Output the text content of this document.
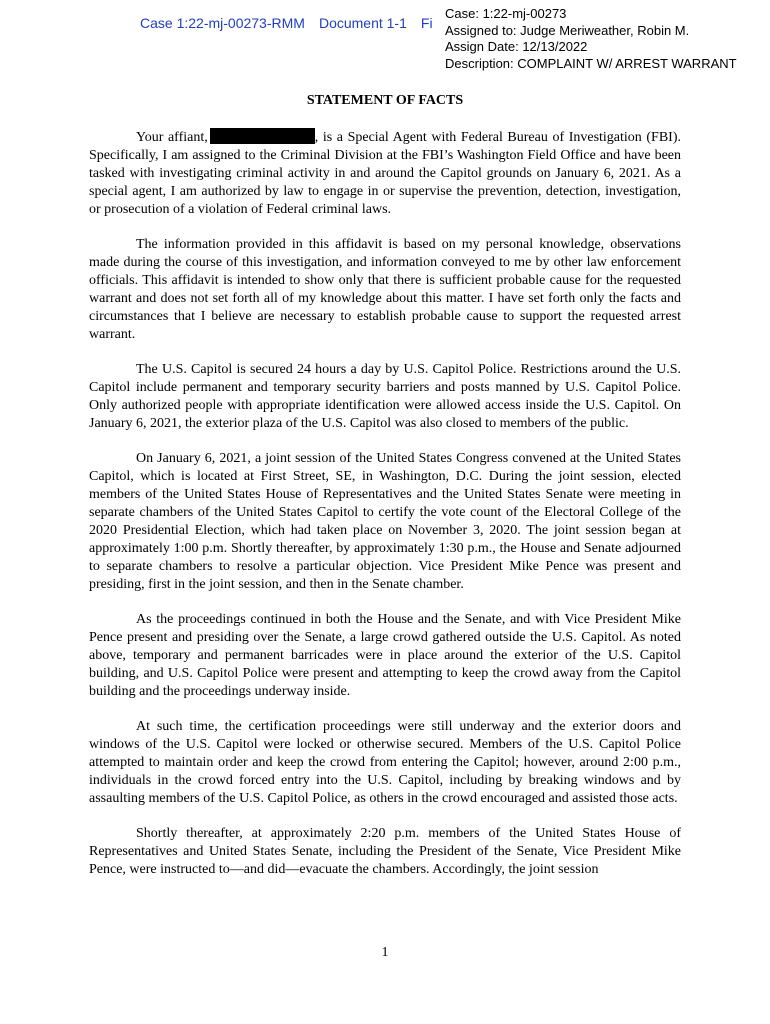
Case 1:22-mj-00273-RMM Document 1-1 Fi
Case: 1:22-mj-00273
Assigned to: Judge Meriweather, Robin M.
Assign Date: 12/13/2022
Description: COMPLAINT W/ ARREST WARRANT
STATEMENT OF FACTS

Your affiant,	, is a Special Agent with Federal Bureau of Investigation (FBI). Specifically, I am assigned to the Criminal Division at the FBI’s Washington Field Office and have been tasked with investigating criminal activity in and around the Capitol grounds on January 6, 2021. As a special agent, I am authorized by law to engage in or supervise the prevention, detection, investigation, or prosecution of a violation of Federal criminal laws.

The information provided in this affidavit is based on my personal knowledge, observations made during the course of this investigation, and information conveyed to me by other law enforcement officials. This affidavit is intended to show only that there is sufficient probable cause for the requested warrant and does not set forth all of my knowledge about this matter. I have set forth only the facts and circumstances that I believe are necessary to establish probable cause to support the requested arrest warrant.

The U.S. Capitol is secured 24 hours a day by U.S. Capitol Police. Restrictions around the U.S. Capitol include permanent and temporary security barriers and posts manned by U.S. Capitol Police. Only authorized people with appropriate identification were allowed access inside the U.S. Capitol. On January 6, 2021, the exterior plaza of the U.S. Capitol was also closed to members of the public.

On January 6, 2021, a joint session of the United States Congress convened at the United States Capitol, which is located at First Street, SE, in Washington, D.C. During the joint session, elected members of the United States House of Representatives and the United States Senate were meeting in separate chambers of the United States Capitol to certify the vote count of the Electoral College of the 2020 Presidential Election, which had taken place on November 3, 2020. The joint session began at approximately 1:00 p.m. Shortly thereafter, by approximately 1:30 p.m., the House and Senate adjourned to separate chambers to resolve a particular objection. Vice President Mike Pence was present and presiding, first in the joint session, and then in the Senate chamber.

As the proceedings continued in both the House and the Senate, and with Vice President Mike Pence present and presiding over the Senate, a large crowd gathered outside the U.S. Capitol. As noted above, temporary and permanent barricades were in place around the exterior of the U.S. Capitol building, and U.S. Capitol Police were present and attempting to keep the crowd away from the Capitol building and the proceedings underway inside.

At such time, the certification proceedings were still underway and the exterior doors and windows of the U.S. Capitol were locked or otherwise secured. Members of the U.S. Capitol Police attempted to maintain order and keep the crowd from entering the Capitol; however, around 2:00 p.m., individuals in the crowd forced entry into the U.S. Capitol, including by breaking windows and by assaulting members of the U.S. Capitol Police, as others in the crowd encouraged and assisted those acts.

Shortly thereafter, at approximately 2:20 p.m. members of the United States House of Representatives and United States Senate, including the President of the Senate, Vice President Mike Pence, were instructed to—and did—evacuate the chambers. Accordingly, the joint session

1
